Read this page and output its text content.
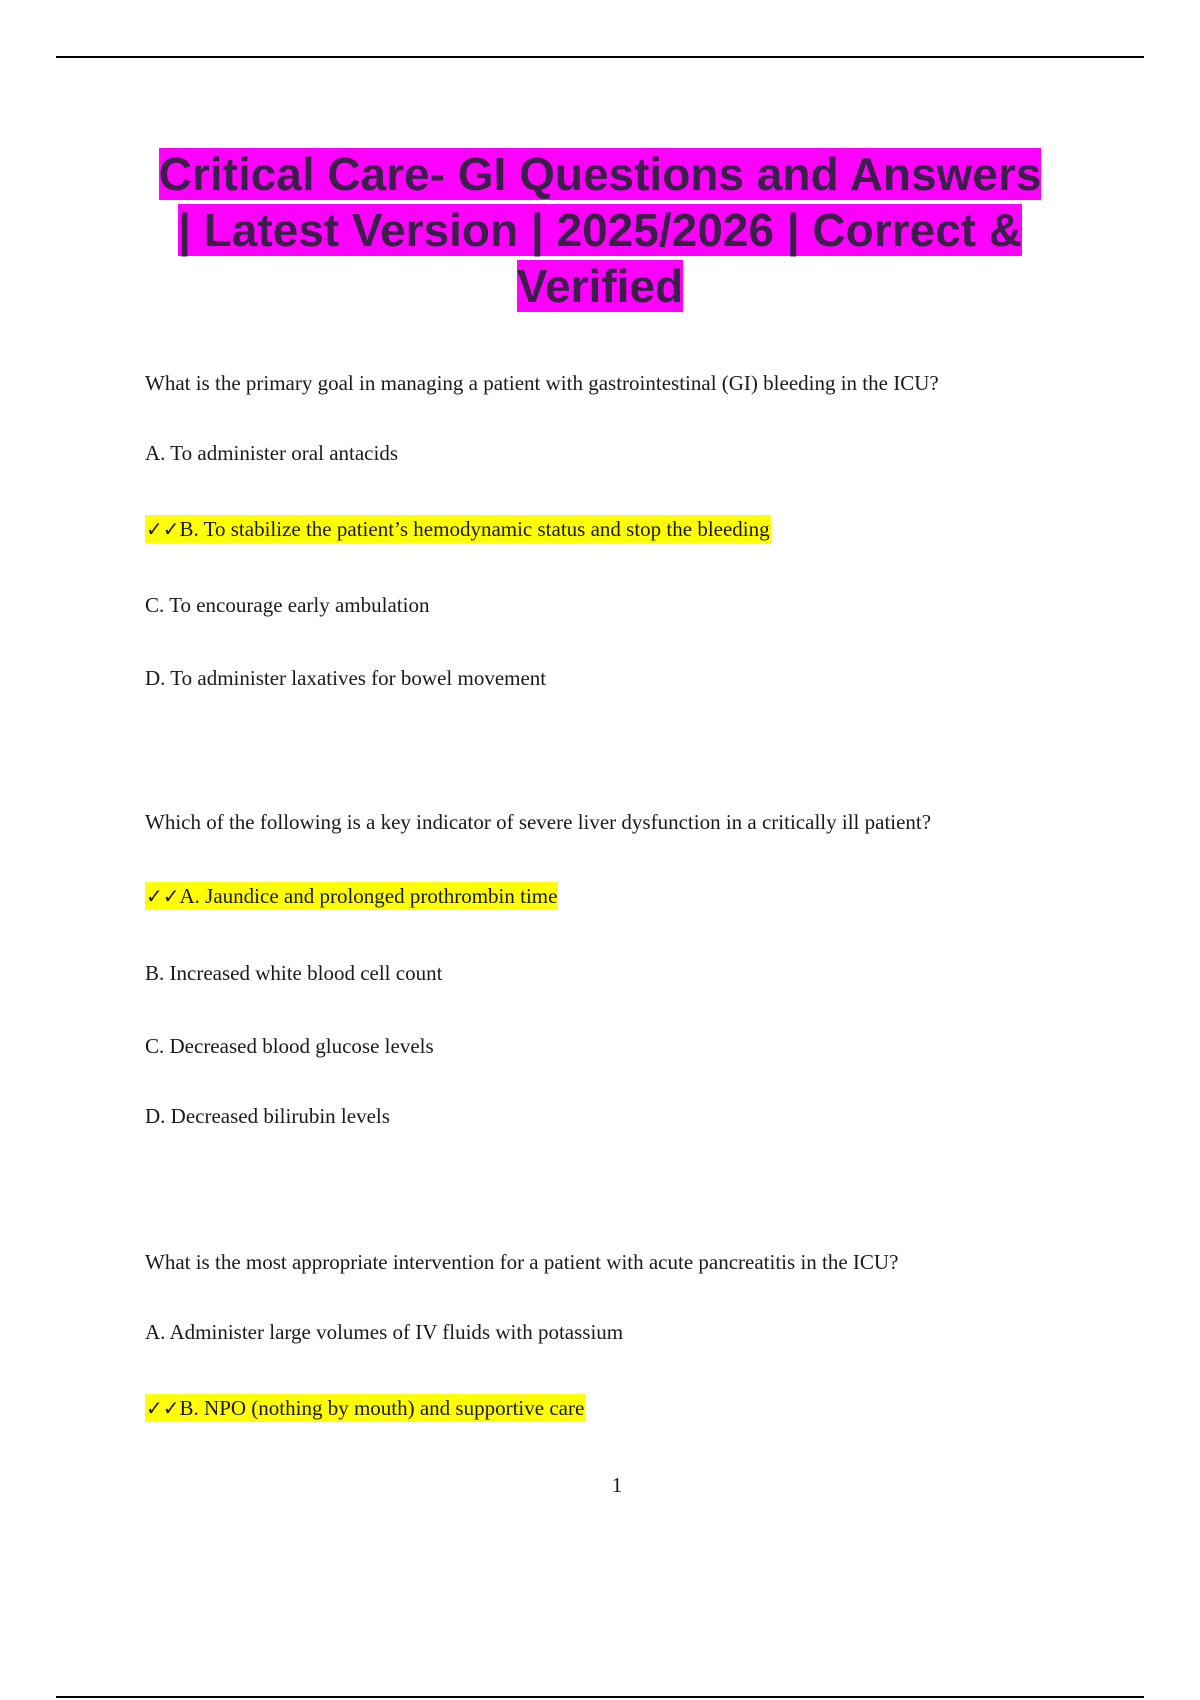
Critical Care- GI Questions and Answers
| Latest Version | 2025/2026 | Correct &
Verified

What is the primary goal in managing a patient with gastrointestinal (GI) bleeding in the ICU?

A. To administer oral antacids

✓✓B. To stabilize the patient’s hemodynamic status and stop the bleeding

C. To encourage early ambulation

D. To administer laxatives for bowel movement

Which of the following is a key indicator of severe liver dysfunction in a critically ill patient?

✓✓A. Jaundice and prolonged prothrombin time

B. Increased white blood cell count

C. Decreased blood glucose levels

D. Decreased bilirubin levels

What is the most appropriate intervention for a patient with acute pancreatitis in the ICU?

A. Administer large volumes of IV fluids with potassium

✓✓B. NPO (nothing by mouth) and supportive care

1
